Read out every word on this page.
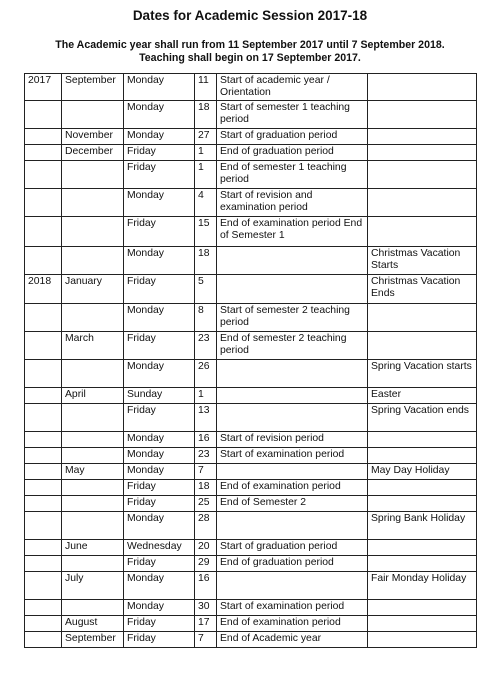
Dates for Academic Session 2017-18
The Academic year shall run from 11 September 2017 until 7 September 2018.
Teaching shall begin on 17 September 2017.
2017	September	Monday	11	Start of academic year / Orientation	
		Monday	18	Start of semester 1 teaching period	
	November	Monday	27	Start of graduation period	
	December	Friday	1	End of graduation period	
		Friday	1	End of semester 1 teaching period	
		Monday	4	Start of revision and examination period	
		Friday	15	End of examination period End of Semester 1	
		Monday	18		Christmas Vacation Starts
2018	January	Friday	5		Christmas Vacation Ends
		Monday	8	Start of semester 2 teaching period	
	March	Friday	23	End of semester 2 teaching period	
		Monday	26		Spring Vacation starts
	April	Sunday	1		Easter
		Friday	13		Spring Vacation ends
		Monday	16	Start of revision period	
		Monday	23	Start of examination period	
	May	Monday	7		May Day Holiday
		Friday	18	End of examination period	
		Friday	25	End of Semester 2	
		Monday	28		Spring Bank Holiday
	June	Wednesday	20	Start of graduation period	
		Friday	29	End of graduation period	
	July	Monday	16		Fair Monday Holiday
		Monday	30	Start of examination period	
	August	Friday	17	End of examination period	
	September	Friday	7	End of Academic year	
